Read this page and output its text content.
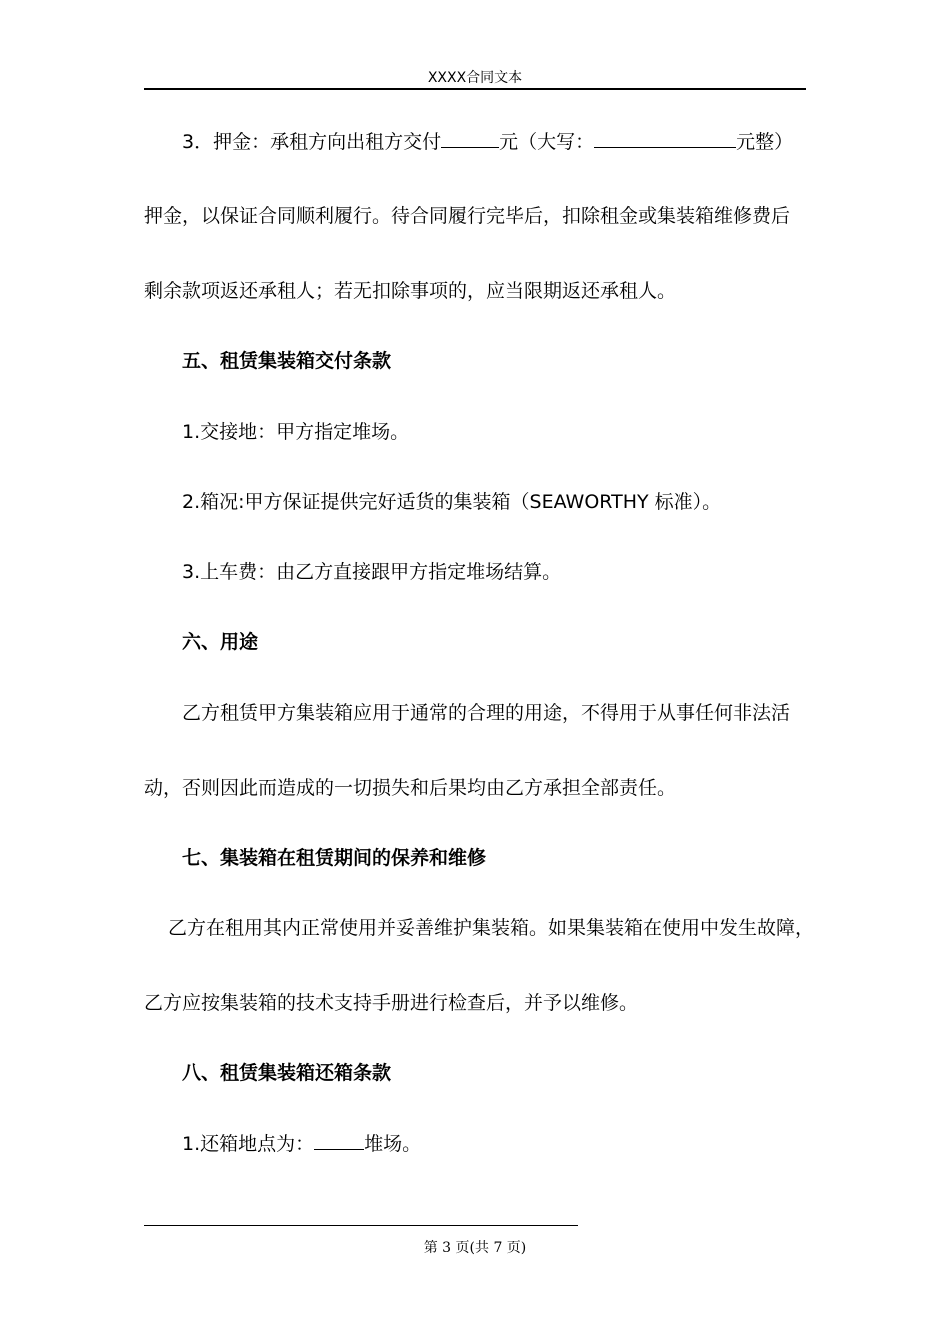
XXXX合同文本
3．押金：承租方向出租方交付	元（大写：	元整）
押金，以保证合同顺利履行。待合同履行完毕后，扣除租金或集装箱维修费后
剩余款项返还承租人；若无扣除事项的，应当限期返还承租人。
五、租赁集装箱交付条款
1.交接地：甲方指定堆场。
2.箱况:甲方保证提供完好适货的集装箱（SEAWORTHY 标准）。
3.上车费：由乙方直接跟甲方指定堆场结算。
六、用途
乙方租赁甲方集装箱应用于通常的合理的用途，不得用于从事任何非法活
动，否则因此而造成的一切损失和后果均由乙方承担全部责任。
七、集装箱在租赁期间的保养和维修
乙方在租用其内正常使用并妥善维护集装箱。如果集装箱在使用中发生故障，
乙方应按集装箱的技术支持手册进行检查后，并予以维修。
八、租赁集装箱还箱条款
1.还箱地点为：	堆场。
第 3 页(共 7 页)
